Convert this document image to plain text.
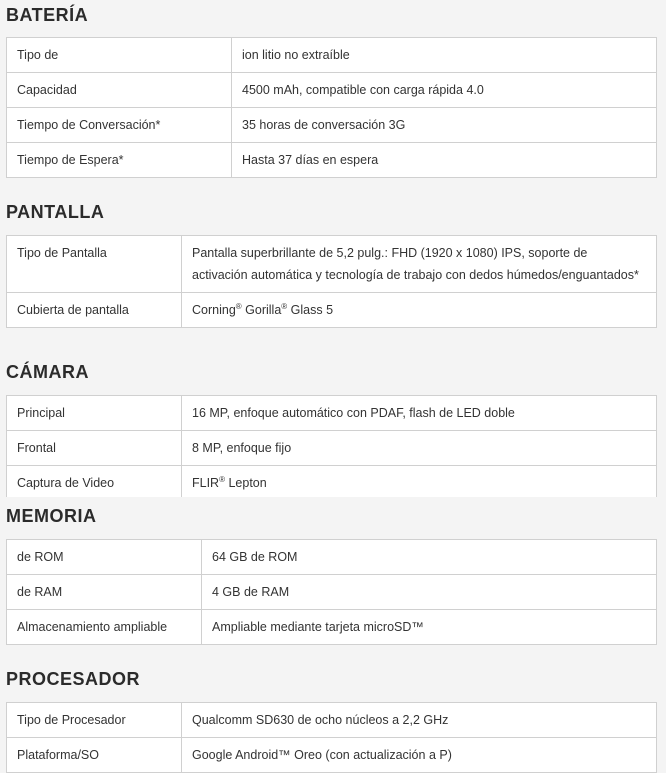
BATERÍA
Tipo de	ion litio no extraíble
Capacidad	4500 mAh, compatible con carga rápida 4.0
Tiempo de Conversación*	35 horas de conversación 3G
Tiempo de Espera*	Hasta 37 días en espera
PANTALLA
Tipo de Pantalla	Pantalla superbrillante de 5,2 pulg.: FHD (1920 x 1080) IPS, soporte de activación automática y tecnología de trabajo con dedos húmedos/enguantados*
Cubierta de pantalla	Corning® Gorilla® Glass 5
CÁMARA
Principal	16 MP, enfoque automático con PDAF, flash de LED doble
Frontal	8 MP, enfoque fijo
Captura de Video	FLIR® Lepton
MEMORIA
de ROM	64 GB de ROM
de RAM	4 GB de RAM
Almacenamiento ampliable	Ampliable mediante tarjeta microSD™
PROCESADOR
Tipo de Procesador	Qualcomm SD630 de ocho núcleos a 2,2 GHz
Plataforma/SO	Google Android™ Oreo (con actualización a P)
